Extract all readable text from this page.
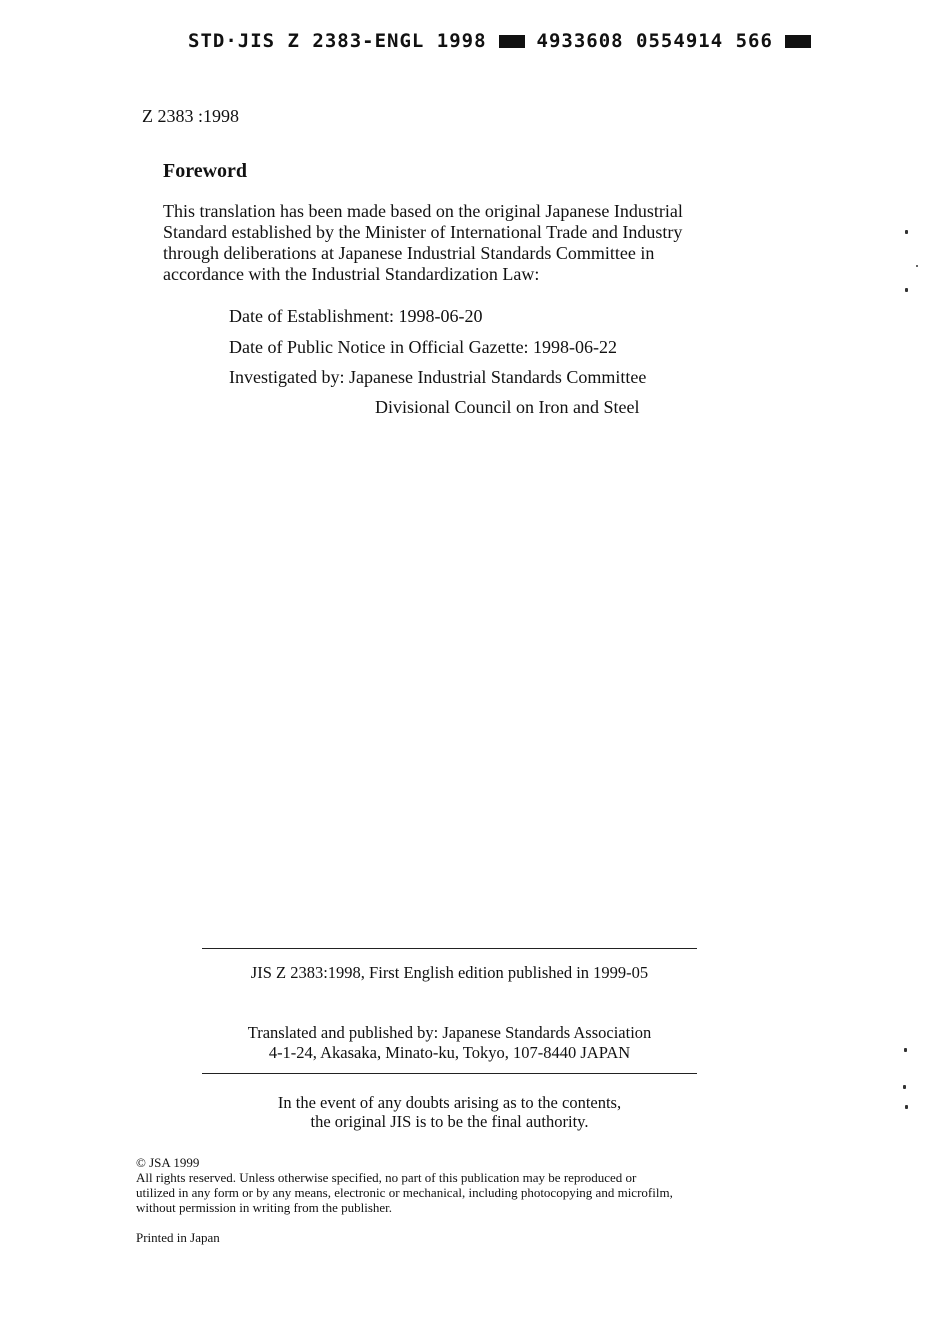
STD·JIS Z 2383-ENGL 1998	4933608 0554914 566
Z 2383 :1998
Foreword
This translation has been made based on the original Japanese Industrial
Standard established by the Minister of International Trade and Industry
through deliberations at Japanese Industrial Standards Committee in
accordance with the Industrial Standardization Law:
Date of Establishment: 1998-06-20
Date of Public Notice in Official Gazette: 1998-06-22
Investigated by: Japanese Industrial Standards Committee
Divisional Council on Iron and Steel
JIS Z 2383:1998, First English edition published in 1999-05
Translated and published by: Japanese Standards Association
4-1-24, Akasaka, Minato-ku, Tokyo, 107-8440 JAPAN
In the event of any doubts arising as to the contents,
the original JIS is to be the final authority.
© JSA 1999
All rights reserved. Unless otherwise specified, no part of this publication may be reproduced or
utilized in any form or by any means, electronic or mechanical, including photocopying and microfilm,
without permission in writing from the publisher.
Printed in Japan
